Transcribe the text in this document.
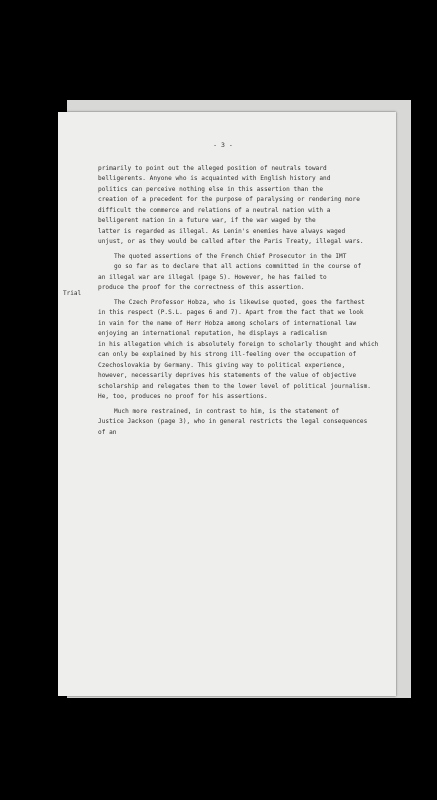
Trial
- 3 -
primarily to point out the alleged position of neutrals toward
belligerents. Anyone who is acquainted with English history and
politics can perceive nothing else in this assertion than the
creation of a precedent for the purpose of paralysing or rendering more
difficult the commerce and relations of a neutral nation with a
belligerent nation in a future war, if the war waged by the
latter is regarded as illegal. As Lenin's enemies have always waged
unjust, or as they would be called after the Paris Treaty, illegal wars.
The quoted assertions of the French Chief Prosecutor in the IMT
go so far as to declare that all actions committed in the course of
an illegal war are illegal (page 5). However, he has failed to
produce the proof for the correctness of this assertion.
The Czech Professor Hobza, who is likewise quoted, goes the farthest
in this respect (P.S.L. pages 6 and 7). Apart from the fact that we look
in vain for the name of Herr Hobza among scholars of international law
enjoying an international reputation, he displays a radicalism
in his allegation which is absolutely foreign to scholarly thought and which
can only be explained by his strong ill-feeling over the occupation of
Czechoslovakia by Germany. This giving way to political experience,
however, necessarily deprives his statements of the value of objective
scholarship and relegates them to the lower level of political journalism.
He, too, produces no proof for his assertions.
Much more restrained, in contrast to him, is the statement of
Justice Jackson (page 3), who in general restricts the legal consequences
of an
